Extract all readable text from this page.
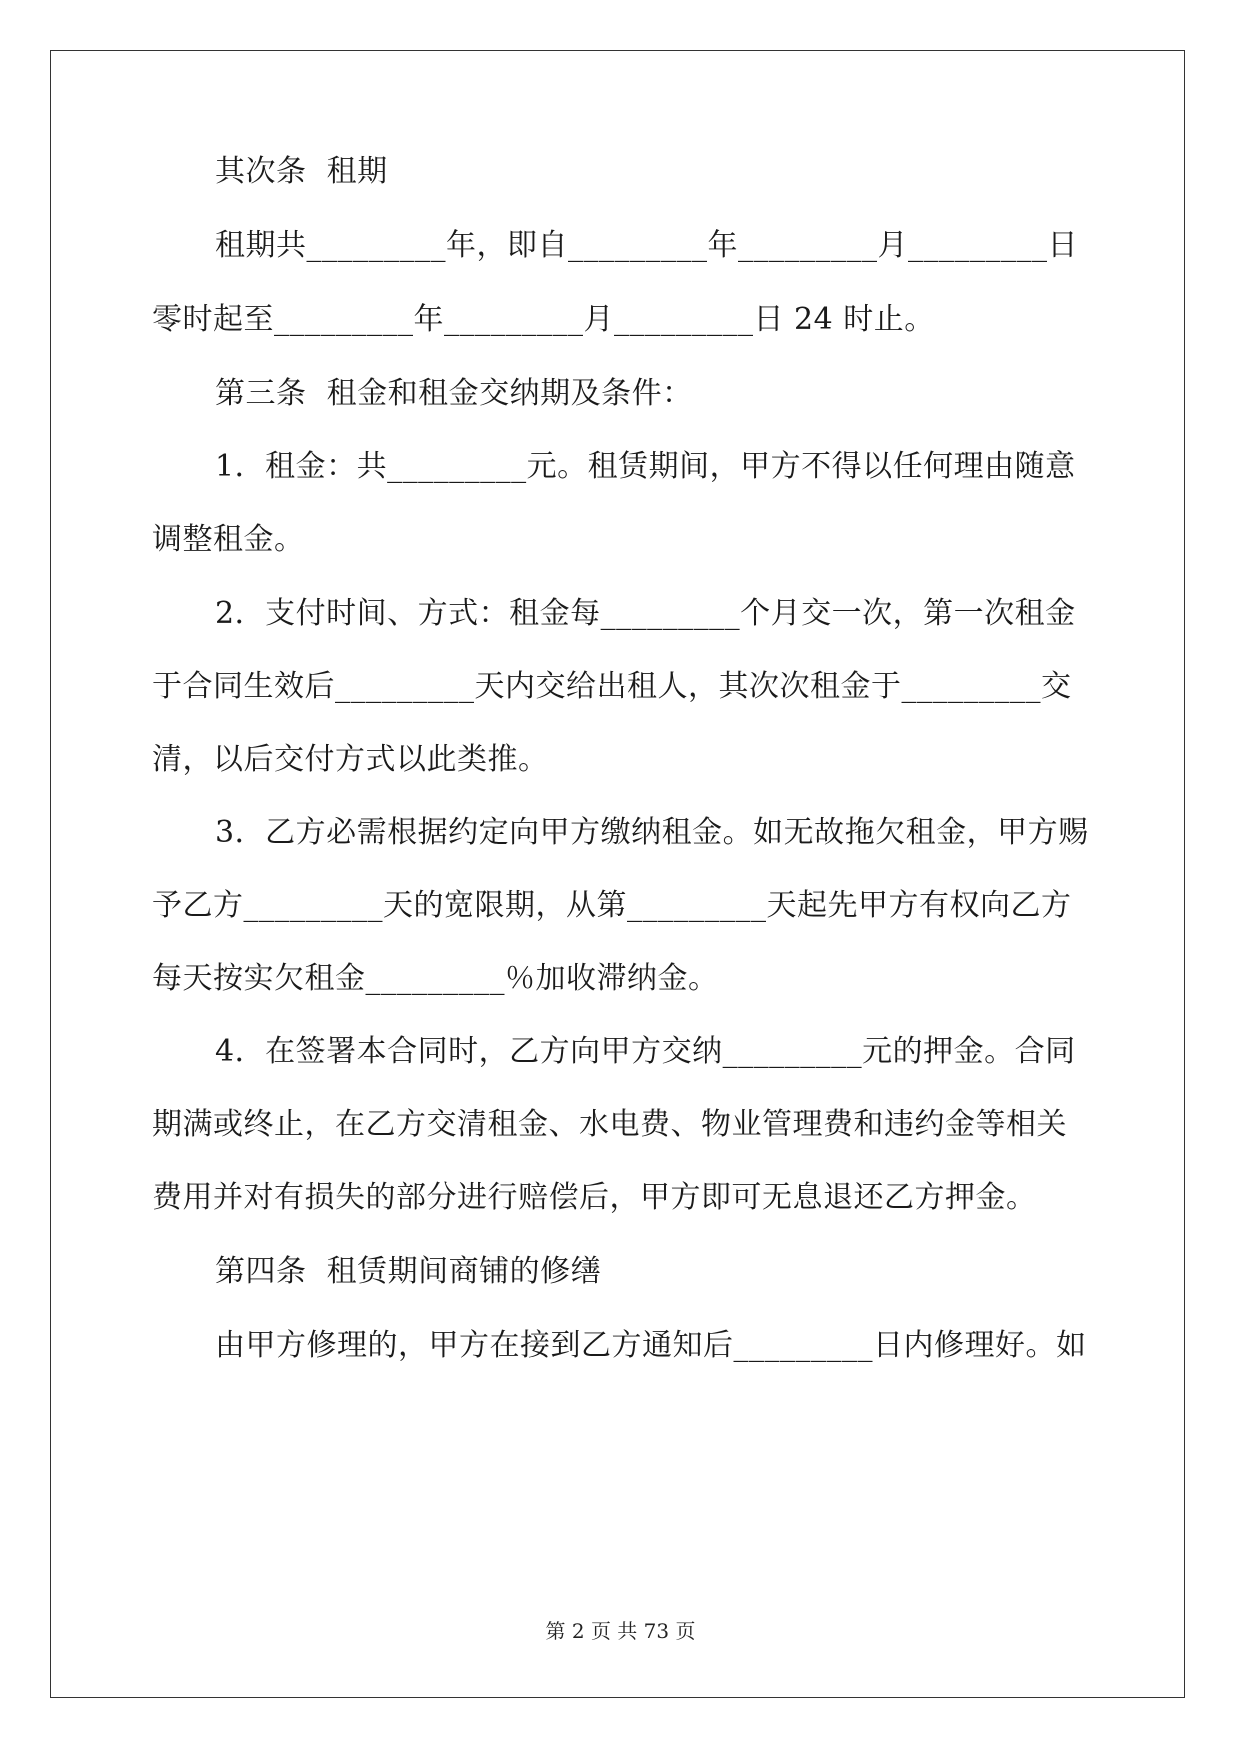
其次条  租期
租期共_________年，即自_________年_________月_________日
零时起至_________年_________月_________日 24 时止。
第三条  租金和租金交纳期及条件：
1．租金：共_________元。租赁期间，甲方不得以任何理由随意
调整租金。
2．支付时间、方式：租金每_________个月交一次，第一次租金
于合同生效后_________天内交给出租人，其次次租金于_________交
清，以后交付方式以此类推。
3．乙方必需根据约定向甲方缴纳租金。如无故拖欠租金，甲方赐
予乙方_________天的宽限期，从第_________天起先甲方有权向乙方
每天按实欠租金_________％加收滞纳金。
4．在签署本合同时，乙方向甲方交纳_________元的押金。合同
期满或终止，在乙方交清租金、水电费、物业管理费和违约金等相关
费用并对有损失的部分进行赔偿后，甲方即可无息退还乙方押金。
第四条  租赁期间商铺的修缮
由甲方修理的，甲方在接到乙方通知后_________日内修理好。如
第 2 页 共 73 页
